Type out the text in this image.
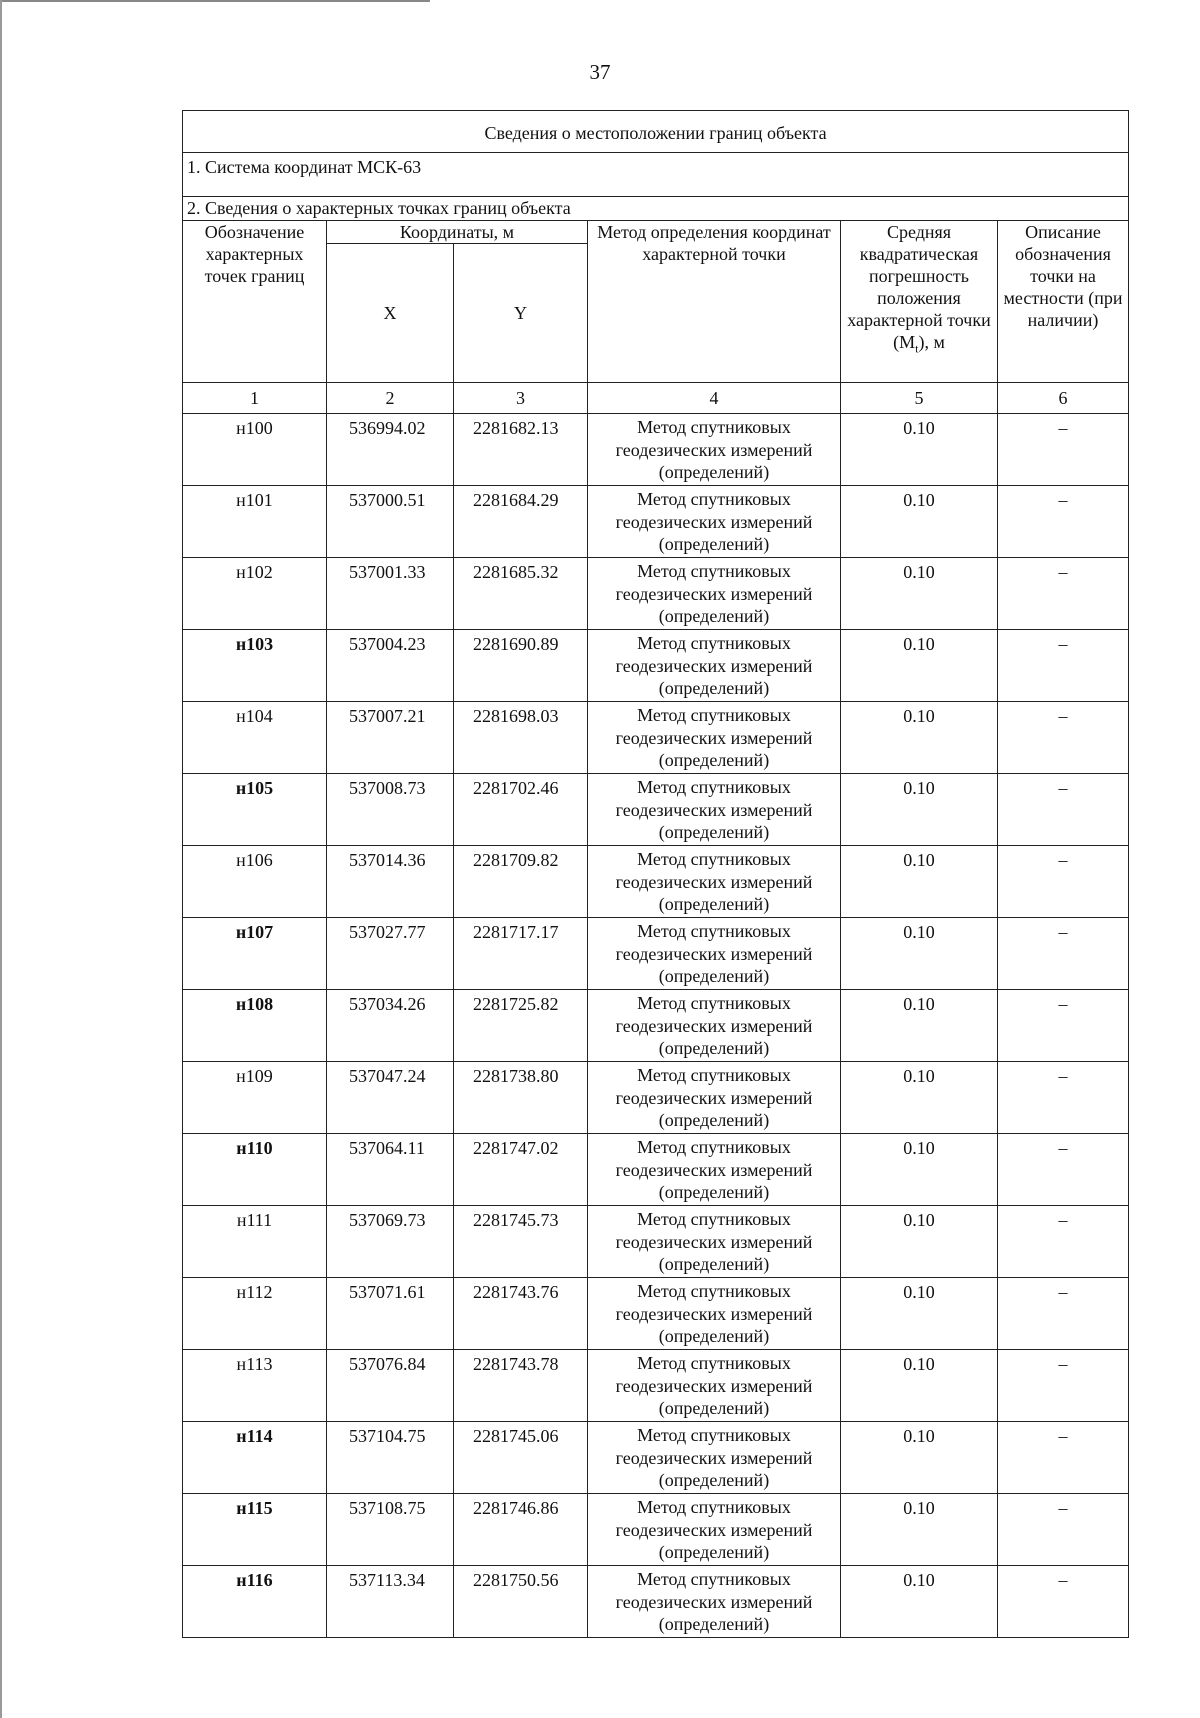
37
Сведения о местоположении границ объекта					

1. Система координат МСК-63					

2. Сведения о характерных точках границ объекта					

Обозначение характерных точек границ	Координаты, м		Метод определения координат характерной точки	Средняя квадратическая погрешность положения характерной точки $(M_t)$, м	Описание обозначения точки на местности (при наличии)
	X	Y			
1	2	3	4	5	6
н100	536994.02	2281682.13	Метод спутниковых геодезических измерений (определений)	0.10	–
н101	537000.51	2281684.29	Метод спутниковых геодезических измерений (определений)	0.10	–
н102	537001.33	2281685.32	Метод спутниковых геодезических измерений (определений)	0.10	–
н103	537004.23	2281690.89	Метод спутниковых геодезических измерений (определений)	0.10	–
н104	537007.21	2281698.03	Метод спутниковых геодезических измерений (определений)	0.10	–
н105	537008.73	2281702.46	Метод спутниковых геодезических измерений (определений)	0.10	–
н106	537014.36	2281709.82	Метод спутниковых геодезических измерений (определений)	0.10	–
н107	537027.77	2281717.17	Метод спутниковых геодезических измерений (определений)	0.10	–
н108	537034.26	2281725.82	Метод спутниковых геодезических измерений (определений)	0.10	–
н109	537047.24	2281738.80	Метод спутниковых геодезических измерений (определений)	0.10	–
н110	537064.11	2281747.02	Метод спутниковых геодезических измерений (определений)	0.10	–
н111	537069.73	2281745.73	Метод спутниковых геодезических измерений (определений)	0.10	–
н112	537071.61	2281743.76	Метод спутниковых геодезических измерений (определений)	0.10	–
н113	537076.84	2281743.78	Метод спутниковых геодезических измерений (определений)	0.10	–
н114	537104.75	2281745.06	Метод спутниковых геодезических измерений (определений)	0.10	–
н115	537108.75	2281746.86	Метод спутниковых геодезических измерений (определений)	0.10	–
н116	537113.34	2281750.56	Метод спутниковых геодезических измерений (определений)	0.10	–
